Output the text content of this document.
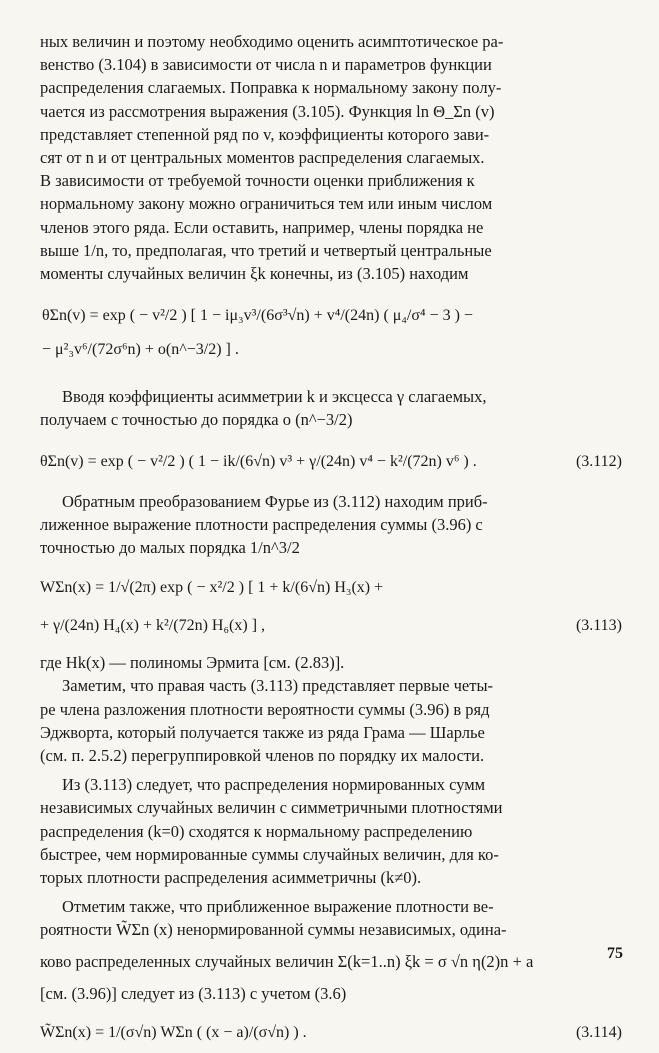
ных величин и поэтому необходимо оценить асимптотическое ра-
венство (3.104) в зависимости от числа n и параметров функции
распределения слагаемых. Поправка к нормальному закону полу-
чается из рассмотрения выражения (3.105). Функция ln Θ_Σn (v)
представляет степенной ряд по v, коэффициенты которого зави-
сят от n и от центральных моментов распределения слагаемых.
В зависимости от требуемой точности оценки приближения к
нормальному закону можно ограничиться тем или иным числом
членов этого ряда. Если оставить, например, члены порядка не
выше 1/n, то, предполагая, что третий и четвертый центральные
моменты случайных величин ξk конечны, из (3.105) находим
θΣn(v) = exp ( − v²/2 ) [ 1 − iμ₃v³/(6σ³√n) + v⁴/(24n) ( μ₄/σ⁴ − 3 ) −
− μ²₃v⁶/(72σ⁶n) + o(n^−3/2) ] .
Вводя коэффициенты асимметрии k и эксцесса γ слагаемых,
получаем с точностью до порядка o (n^−3/2)
θΣn(v) = exp ( − v²/2 ) ( 1 − ik/(6√n) v³ + γ/(24n) v⁴ − k²/(72n) v⁶ ) .	(3.112)
Обратным преобразованием Фурье из (3.112) находим приб-
лиженное выражение плотности распределения суммы (3.96) с
точностью до малых порядка 1/n^3/2
WΣn(x) = 1/√(2π) exp ( − x²/2 ) [ 1 + k/(6√n) H₃(x) +
+ γ/(24n) H₄(x) + k²/(72n) H₆(x) ] ,	(3.113)

где Hk(x) — полиномы Эрмита [см. (2.83)].

Заметим, что правая часть (3.113) представляет первые четы-
ре члена разложения плотности вероятности суммы (3.96) в ряд
Эджворта, который получается также из ряда Грама — Шарлье
(см. п. 2.5.2) перегруппировкой членов по порядку их малости.
Из (3.113) следует, что распределения нормированных сумм
независимых случайных величин с симметричными плотностями
распределения (k=0) сходятся к нормальному распределению
быстрее, чем нормированные суммы случайных величин, для ко-
торых плотности распределения асимметричны (k≠0).
Отметим также, что приближенное выражение плотности ве-
роятности W̃Σn (x) ненормированной суммы независимых, одина-
ково распределенных случайных величин Σ(k=1..n) ξk = σ √n η(2)n + a
[см. (3.96)] следует из (3.113) с учетом (3.6)
W̃Σn(x) = 1/(σ√n) WΣn ( (x − a)/(σ√n) ) .	(3.114)
75
